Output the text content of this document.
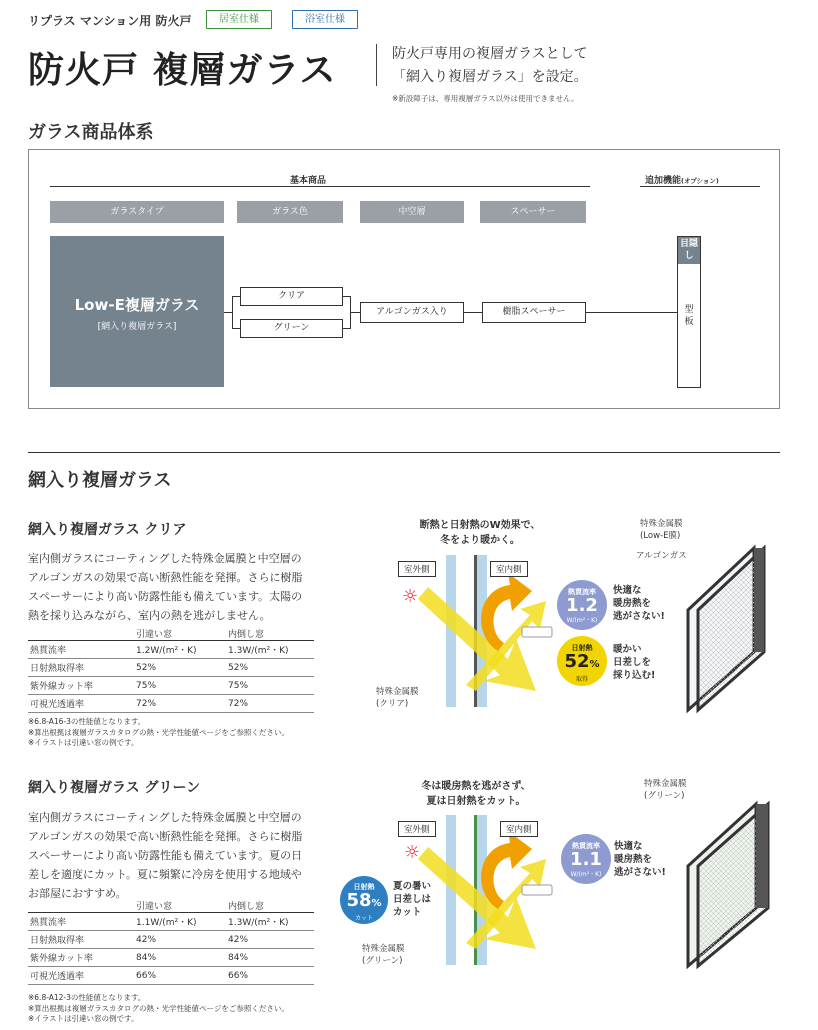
リプラス マンション用 防火戸	居室仕様	浴室仕様
防火戸 複層ガラス	防火戸専用の複層ガラスとして
「網入り複層ガラス」を設定。
※新設障子は、専用複層ガラス以外は使用できません。
ガラス商品体系
基本商品	追加機能(オプション)
ガラスタイプ	ガラス色	中空層	スペーサー
Low-E複層ガラス
[網入り複層ガラス]
クリア
グリーン
アルゴンガス入り	樹脂スペーサー
目隠し
型板
網入り複層ガラス
網入り複層ガラス クリア
室内側ガラスにコーティングした特殊金属膜と中空層の
アルゴンガスの効果で高い断熱性能を発揮。さらに樹脂
スペーサーにより高い防露性能も備えています。太陽の
熱を採り込みながら、室内の熱を逃がしません。
	引違い窓	内倒し窓
熱貫流率	1.2W/(m²・K)	1.3W/(m²・K)
日射熱取得率	52%	52%
紫外線カット率	75%	75%
可視光透過率	72%	72%
※6.8-A16-3の性能値となります。
※算出根拠は複層ガラスカタログの熱・光学性能値ページをご参照ください。
※イラストは引違い窓の例です。
断熱と日射熱のW効果で、
冬をより暖かく。
室外側	室内側
☼
特殊金属膜
(クリア)
熱貫流率
1.2
W/(m²・K)
快適な
暖房熱を
逃がさない!
日射熱
52%
取得
暖かい
日差しを
採り込む!
特殊金属膜
(Low-E膜)
アルゴンガス
網入り複層ガラス グリーン
室内側ガラスにコーティングした特殊金属膜と中空層の
アルゴンガスの効果で高い断熱性能を発揮。さらに樹脂
スペーサーにより高い防露性能も備えています。夏の日
差しを適度にカット。夏に頻繁に冷房を使用する地域や
お部屋におすすめ。
	引違い窓	内倒し窓
熱貫流率	1.1W/(m²・K)	1.3W/(m²・K)
日射熱取得率	42%	42%
紫外線カット率	84%	84%
可視光透過率	66%	66%
※6.8-A12-3の性能値となります。
※算出根拠は複層ガラスカタログの熱・光学性能値ページをご参照ください。
※イラストは引違い窓の例です。
冬は暖房熱を逃がさず、
夏は日射熱をカット。
室外側	室内側
☼
日射熱
58%
カット
夏の暑い
日差しは
カット
特殊金属膜
(グリーン)
熱貫流率
1.1
W/(m²・K)
快適な
暖房熱を
逃がさない!
特殊金属膜
(グリーン)
